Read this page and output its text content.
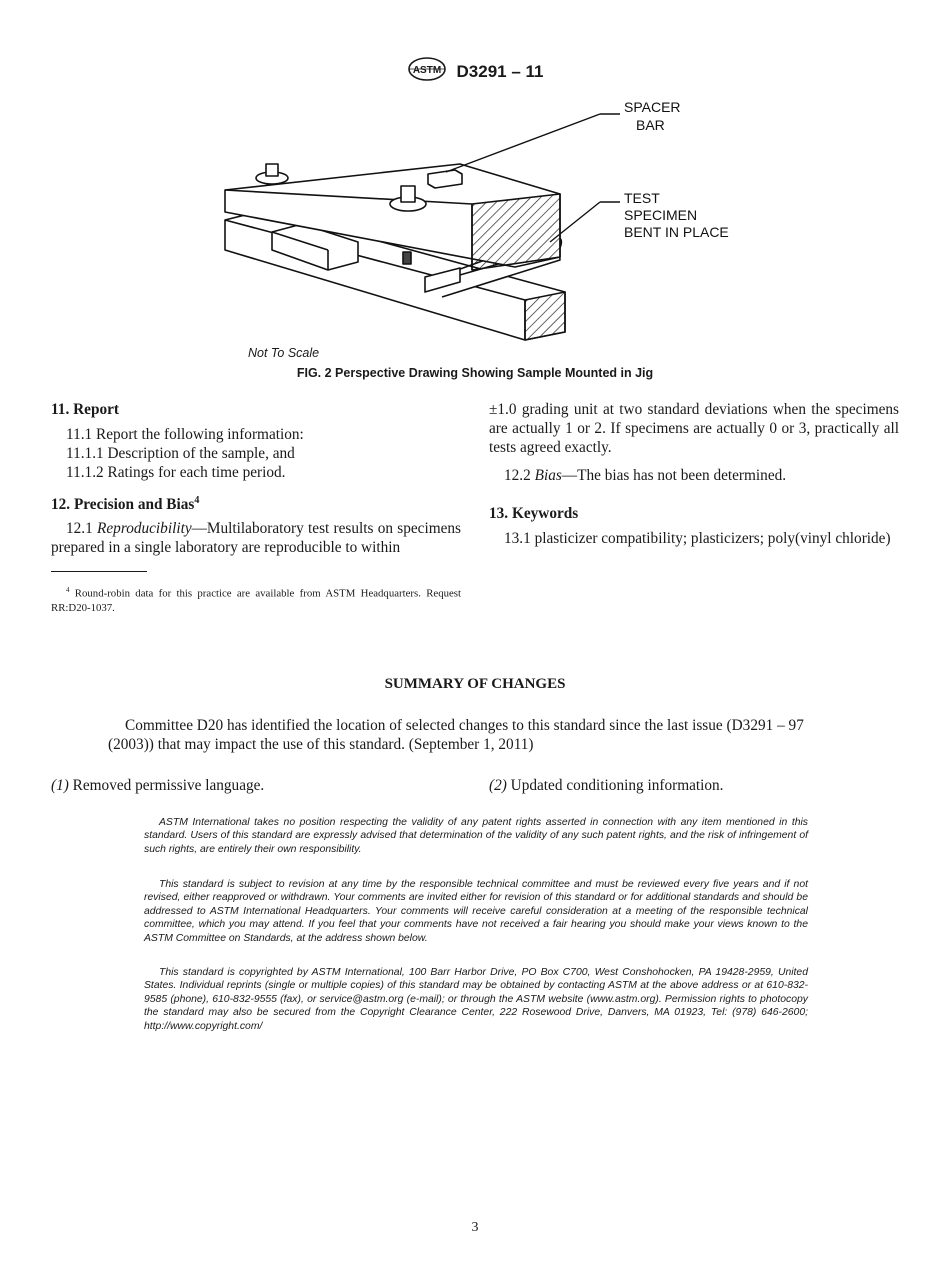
ASTM D3291 – 11
SPACER
BAR
TEST
SPECIMEN
BENT IN PLACE
Not To Scale
FIG. 2 Perspective Drawing Showing Sample Mounted in Jig

11. Report

11.1 Report the following information:

11.1.1 Description of the sample, and

11.1.2 Ratings for each time period.

12. Precision and Bias$^4$

12.1 Reproducibility—Multilaboratory test results on specimens prepared in a single laboratory are reproducible to within

$^4$ Round-robin data for this practice are available from ASTM Headquarters. Request RR:D20-1037.

±1.0 grading unit at two standard deviations when the specimens are actually 1 or 2. If specimens are actually 0 or 3, practically all tests agreed exactly.

12.2 Bias—The bias has not been determined.

13. Keywords

13.1 plasticizer compatibility; plasticizers; poly(vinyl chloride)

SUMMARY OF CHANGES
Committee D20 has identified the location of selected changes to this standard since the last issue (D3291 – 97 (2003)) that may impact the use of this standard. (September 1, 2011)
(1) Removed permissive language.	(2) Updated conditioning information.

ASTM International takes no position respecting the validity of any patent rights asserted in connection with any item mentioned in this standard. Users of this standard are expressly advised that determination of the validity of any such patent rights, and the risk of infringement of such rights, are entirely their own responsibility.

This standard is subject to revision at any time by the responsible technical committee and must be reviewed every five years and if not revised, either reapproved or withdrawn. Your comments are invited either for revision of this standard or for additional standards and should be addressed to ASTM International Headquarters. Your comments will receive careful consideration at a meeting of the responsible technical committee, which you may attend. If you feel that your comments have not received a fair hearing you should make your views known to the ASTM Committee on Standards, at the address shown below.

This standard is copyrighted by ASTM International, 100 Barr Harbor Drive, PO Box C700, West Conshohocken, PA 19428-2959, United States. Individual reprints (single or multiple copies) of this standard may be obtained by contacting ASTM at the above address or at 610-832-9585 (phone), 610-832-9555 (fax), or service@astm.org (e-mail); or through the ASTM website (www.astm.org). Permission rights to photocopy the standard may also be secured from the Copyright Clearance Center, 222 Rosewood Drive, Danvers, MA 01923, Tel: (978) 646-2600; http://www.copyright.com/

3
